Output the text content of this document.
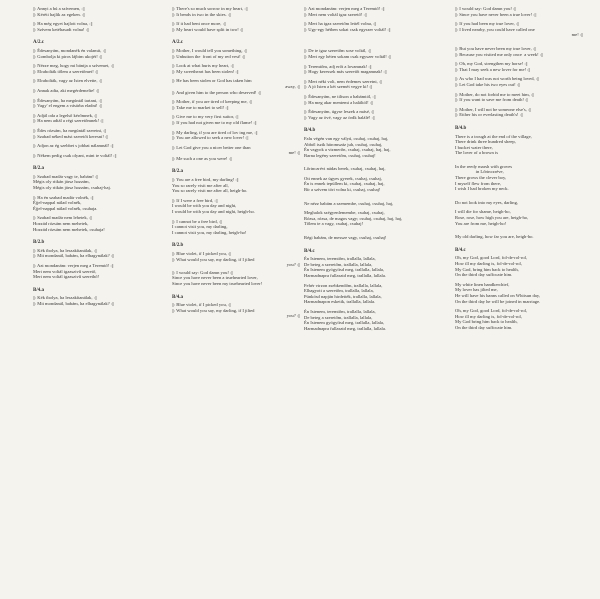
||: Annyi a bú a szívemen, :||
||: Kérèti hajlik az egeken. :||
||: Ha még egyet hajlott volna, :||
||: Szívem ketéhasadt volna! :||
A/2.c
||: Édesanyám, mondanék én valamit, :||
||: Gombolja ki piros lájbim ukojét! :||
||: Nézze meg, hogy mi bántja a szívemet, :||
||: Elrabolták tőlem a szeretőmet! :||
||: Elrabolták, vagy az Isten elvette, :||
||: Annak adta, aki megérdemelte! :||
||: Édesanyám, ha megúntál tartani, :||
||: Vagy' el engem a vásárba eladni! :||
||: Adjál oda a legelső kérőmnek, :||
||: Ha nem adtál a régi szeretőmnek! :||
||: Édes rózsám, ha megúntál szeretni, :||
||: Szabad néked mást szeretőt keresni! :||
||: Adjon az ég szebbet s jobbat nálamnál! :||
||: Nékem pedig csak olyant, mint te voltál! :||
B/2.a
||: Szabad madár vagy te, babám! :||
Mégis oly ritkán jársz hozzám,
Mégis oly ritkán jársz hozzám, csuhaj-haj.
||: Ha én szabad madár volnék, :||
Éjjel-nappal nálad volnék,
Éjjel-nappal nálad volnék, csuhaja.
||: Szabad madár nem lehetek, :||
Hozzád rózsám nem mehetek,
Hozzád rózsám nem mehetek, csuhaja!
B/2.b
||: Kék ibolya, ha leszakítanálak, :||
||: Mit mondanál, babám, ha elhagynálak? :||
||: Azt mondanám: verjen meg a Teremtő! :||
Mert nem voltál igazszivű szerető,
Mert nem voltál igazszivű szerethő!
B/4.a
||: Kék ibolya, ha leszakítanálak, :||
||: Mit mondanál, babám, ha elhagynálak? :||
||: There's so much sorrow in my heart, :||
||: It bends in two in the skies. :||
||: If it had bent once more, :||
||: My heart would have split in two! :||
A/2.c
||: Mother, I would tell you something, :||
||: Unbutton the  front of my red vest! :||
||: Look at what hurts my heart, :||
||: My sweetheart has been stolen! :||
||: He has been stolen or God has taken him
away, :||
||: And given him to the person who deserved! :||
||: Mother, if you are tired of keeping me, :||
||: Take me to market to sell! :||
||: Give me to my very first suitor, :||
||: If you had not given me to my old flame! :||
||: My darling, if you are tired of lov ing me, :||
||: You are allowed to seek a new lover! :||
||: Let God give you a nicer better one than
me! :||
||: Me such a one as you were! :||
B/2.a
||: You are a free bird, my darling! :||
You so rarely visit me after all,
You so rarely visit me after all, heigh-ho.
||: If I were a free bird, :||
I would be with you day and night,
I would be with you day and night, heigh-ho.
||: I cannot be a free bird, :||
I cannot visit you, my darling,
I cannot visit you, my darling, heigh-ho!
B/2.b
||: Blue violet, if I picked you, :||
||: What would you say, my darling, if I jilted
you? :||
||: I would say: God damn you! :||
Since you have never been a truehearted lover,
Since you have never been my truehearted lover!
B/4.a
||: Blue violet, if I picked you, :||
||: What would you say, my darling, if I jilted
you? :||
||: Azt mondanám: verjen meg a Teremtő! :||
||: Mert nem voltál igaz szerető! :||
||: Mert ha igaz szeretőm lettél volna, :||
||: Ugy-egy hétben sokat csak egyszer voltál! :||
||: De te igaz szeretőm sose voltál, :||
||: Meri egy héten sokam csak egyszer voltál! :||
||: Teremtőm, adj erőt a lovamnak! :||
||: Hogy keressek más szeretőt magamnak! :||
||: Mert néki volt, nem érdemes szeretni, :||
||: A jó Isten a két szemét vegye ki! :||
||: Édesanyám, ne tiltson a babámtól, :||
||: Ha meg akar mentemi a haláltól! :||
||: Édesanyám, úgyse leszek a másé, :||
||: Vagy az övé, vagy az ördk halálé! :||
B/4.b
Falu végén van egy vályú, csuhaj, csuhaj, haj,
Abból iszik háromszáz juh, csuhaj, csuhaj,
Én vagyok a vizmerőn, csuhaj, csuhaj, haj, haj,
Barna legény szeretőm, csuhaj, csuhaj!
Lőrinczrévi nádas berek, csuhaj, csuhaj, haj,
Ott ennek az ügyes gyerek, csuhaj, csuhaj,
Én is ennek tepüllem ki, csuhaj, csuhaj, haj,
Bír a szívem töri volna ki, csuhaj, csuhaj!
Ne nézz babám a szemembe, csuhaj, csuhaj, haj,
Meghalok szégyenlemembe, csuhaj, csuhaj,
Rózsa, rózsa, de magos vagy; csuhaj, csuhaj, haj, haj,
Tőlem te a vagy, csuhaj, csuhaj!
Régi babám, de messze vagy, csuhaj, csuhaj!
B/4.c
Én Istenem, teremtőm, trallalla, lallala,
De beteg a szeretőm, trallalla, lallala,
Én Istenem gyógyítsd meg, trallalla, lallala,
Harmadnapra fullasztd meg, trallalla, lallala.
Fehér virzon zsebkendőm, trallalla, lallala,
Elhagyott a szeretőm, trallalla, lallala,
Pünkösd napján hirdették, trallalla, lallala,
Harmadnapon esketik, trallalla, lallala.
Én Istenem, teremtőm, trallalla, lallala,
De beteg a szeretőm, trallalla, lallala,
Én Istenem gyógyítsd meg, trallalla, lallala,
Harmadnapra fullasztd meg, trallalla, lallala.
||: I would say: God damn you! :||
||: Since you have never been a true lover! :||
||: If you had been my true lover, :||
||: I lived nearby, you could have called one
me! :||
||: But you have never been my true lover, :||
||: Because you visited me only once  a week! :||
||: Oh, my God, strengthen my horse! :||
||: That I may seek a new lover for me! :||
||: As who I had was not worth being loved, :||
||: Let God take his two eyes out! :||
||: Mother, do not forbid me to meet him, :||
||: If you want to save me from death! :||
||: Mother, I will not be someone else's, :||
||: Either his or everlasting death's! :||
B/4.b
There is a trough at the end of the village,
There drink three hundred sheep,
I bucket water there,
The lover of a brown is
In the reedy marsh with groves
in Lőrinczréve,
There grows the clever boy,
I myself flew from there,
I wish I had broken my neck.
Do not look into my eyes, darling,
I will die for shame, heigh-ho,
Rose, rose, how high you are, heigh-ho,
You are from me, heigh-ho!
My old darling, how far you are, heigh-ho.
B/4.c
Oh, my God, good Lord, fol-de-rol-rol,
How ill my darling is, fol-de-rol-rol,
My God, bring him back to health,
On the third day suffocate him.
My white linen handkerchief,
My lover has jilted me,
He will have his banns called on Whitsun day,
On the third day he will be joined in marriage.
Oh, my God, good Lord, fol-de-rol-rol,
How ill my darling is, fol-de-rol-rol,
My God bring him back to health,
On the third day suffocate him.
